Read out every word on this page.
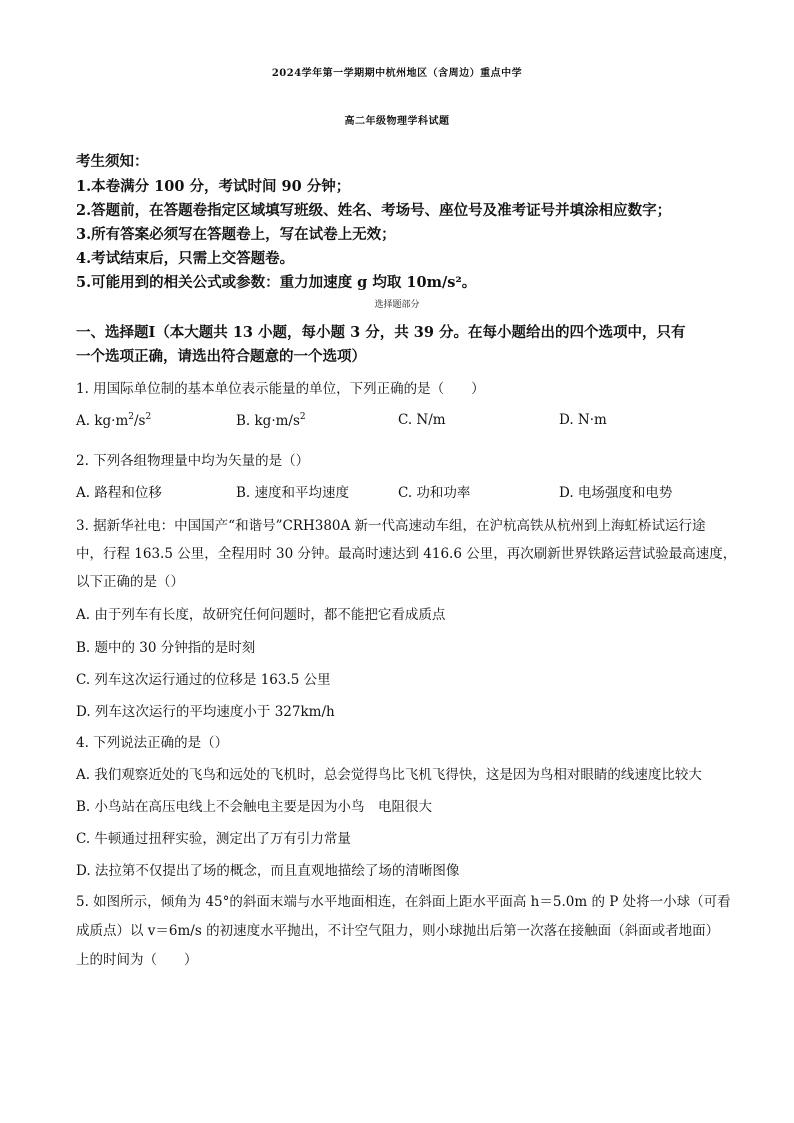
2024学年第一学期期中杭州地区（含周边）重点中学
高二年级物理学科试题
考生须知：
1.本卷满分 100 分，考试时间 90 分钟；
2.答题前，在答题卷指定区域填写班级、姓名、考场号、座位号及准考证号并填涂相应数字；
3.所有答案必须写在答题卷上，写在试卷上无效；
4.考试结束后，只需上交答题卷。
5.可能用到的相关公式或参数：重力加速度 g 均取 10m/s²。
选择题部分
一、选择题Ⅰ（本大题共 13 小题，每小题 3 分，共 39 分。在每小题给出的四个选项中，只有
一个选项正确，请选出符合题意的一个选项）
1. 用国际单位制的基本单位表示能量的单位，下列正确的是（　　）
A. $kg\cdot m^2/s^2$	B. $kg\cdot m/s^2$	C. N/m	D. N·m
2. 下列各组物理量中均为矢量的是（）
A. 路程和位移	B. 速度和平均速度	C. 功和功率	D. 电场强度和电势
3. 据新华社电：中国国产“和谐号”CRH380A 新一代高速动车组，在沪杭高铁从杭州到上海虹桥试运行途
中，行程 163.5 公里，全程用时 30 分钟。最高时速达到 416.6 公里，再次刷新世界铁路运营试验最高速度，
以下正确的是（）
A. 由于列车有长度，故研究任何问题时，都不能把它看成质点
B. 题中的 30 分钟指的是时刻
C. 列车这次运行通过的位移是 163.5 公里
D. 列车这次运行的平均速度小于 327km/h
4. 下列说法正确的是（）
A. 我们观察近处的飞鸟和远处的飞机时，总会觉得鸟比飞机飞得快，这是因为鸟相对眼睛的线速度比较大
B. 小鸟站在高压电线上不会触电主要是因为小鸟　电阻很大
C. 牛顿通过扭秤实验，测定出了万有引力常量
D. 法拉第不仅提出了场的概念，而且直观地描绘了场的清晰图像
5. 如图所示，倾角为 45°的斜面末端与水平地面相连，在斜面上距水平面高 h＝5.0m 的 P 处将一小球（可看
成质点）以 v＝6m/s 的初速度水平抛出，不计空气阻力，则小球抛出后第一次落在接触面（斜面或者地面）
上的时间为（　　）
